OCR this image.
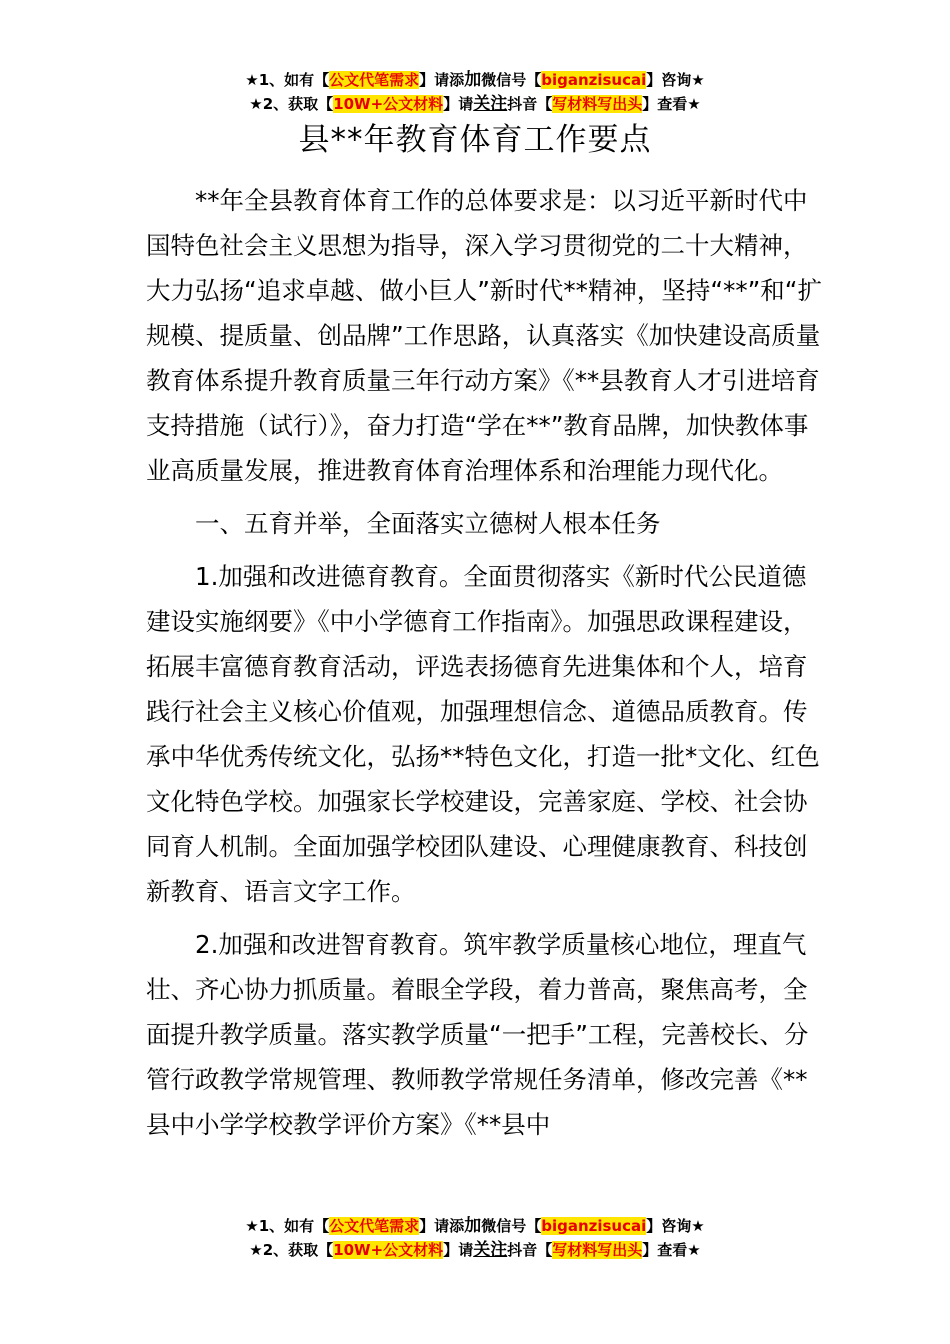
★1、如有【公文代笔需求】请添加微信号【biganzisucai】咨询★
★2、获取【10W+公文材料】请关注抖音【写材料写出头】查看★
县**年教育体育工作要点

**年全县教育体育工作的总体要求是：以习近平新时代中国特色社会主义思想为指导，深入学习贯彻党的二十大精神，大力弘扬“追求卓越、做小巨人”新时代**精神，坚持“**”和“扩规模、提质量、创品牌”工作思路，认真落实《加快建设高质量教育体系提升教育质量三年行动方案》《**县教育人才引进培育支持措施（试行）》，奋力打造“学在**”教育品牌，加快教体事业高质量发展，推进教育体育治理体系和治理能力现代化。

一、五育并举，全面落实立德树人根本任务

1.加强和改进德育教育。全面贯彻落实《新时代公民道德建设实施纲要》《中小学德育工作指南》。加强思政课程建设，拓展丰富德育教育活动，评选表扬德育先进集体和个人，培育践行社会主义核心价值观，加强理想信念、道德品质教育。传承中华优秀传统文化，弘扬**特色文化，打造一批*文化、红色文化特色学校。加强家长学校建设，完善家庭、学校、社会协同育人机制。全面加强学校团队建设、心理健康教育、科技创新教育、语言文字工作。

2.加强和改进智育教育。筑牢教学质量核心地位，理直气壮、齐心协力抓质量。着眼全学段，着力普高，聚焦高考，全面提升教学质量。落实教学质量“一把手”工程，完善校长、分管行政教学常规管理、教师教学常规任务清单，修改完善《**县中小学学校教学评价方案》《**县中

★1、如有【公文代笔需求】请添加微信号【biganzisucai】咨询★
★2、获取【10W+公文材料】请关注抖音【写材料写出头】查看★
